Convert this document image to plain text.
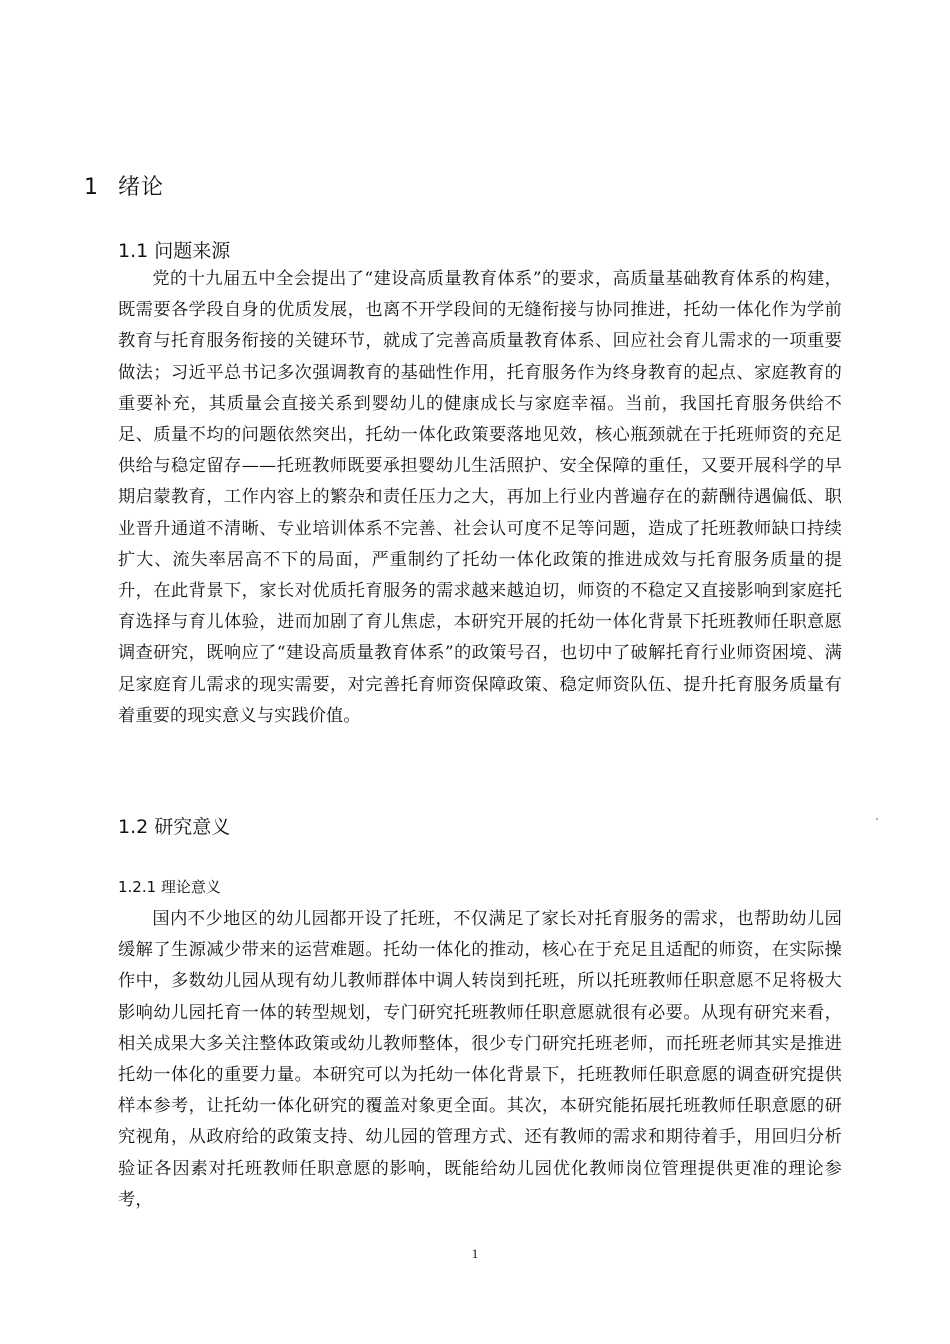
1 绪论
1.1 问题来源

党的十九届五中全会提出了“建设高质量教育体系”的要求，高质量基础教育体系的构建，既需要各学段自身的优质发展，也离不开学段间的无缝衔接与协同推进，托幼一体化作为学前教育与托育服务衔接的关键环节，就成了完善高质量教育体系、回应社会育儿需求的一项重要做法；习近平总书记多次强调教育的基础性作用，托育服务作为终身教育的起点、家庭教育的重要补充，其质量会直接关系到婴幼儿的健康成长与家庭幸福。当前，我国托育服务供给不足、质量不均的问题依然突出，托幼一体化政策要落地见效，核心瓶颈就在于托班师资的充足供给与稳定留存——托班教师既要承担婴幼儿生活照护、安全保障的重任，又要开展科学的早期启蒙教育，工作内容上的繁杂和责任压力之大，再加上行业内普遍存在的薪酬待遇偏低、职业晋升通道不清晰、专业培训体系不完善、社会认可度不足等问题，造成了托班教师缺口持续扩大、流失率居高不下的局面，严重制约了托幼一体化政策的推进成效与托育服务质量的提升，在此背景下，家长对优质托育服务的需求越来越迫切，师资的不稳定又直接影响到家庭托育选择与育儿体验，进而加剧了育儿焦虑，本研究开展的托幼一体化背景下托班教师任职意愿调查研究，既响应了“建设高质量教育体系”的政策号召，也切中了破解托育行业师资困境、满足家庭育儿需求的现实需要，对完善托育师资保障政策、稳定师资队伍、提升托育服务质量有着重要的现实意义与实践价值。

1.2 研究意义
1.2.1 理论意义

国内不少地区的幼儿园都开设了托班，不仅满足了家长对托育服务的需求，也帮助幼儿园缓解了生源减少带来的运营难题。托幼一体化的推动，核心在于充足且适配的师资，在实际操作中，多数幼儿园从现有幼儿教师群体中调人转岗到托班，所以托班教师任职意愿不足将极大影响幼儿园托育一体的转型规划，专门研究托班教师任职意愿就很有必要。从现有研究来看，相关成果大多关注整体政策或幼儿教师整体，很少专门研究托班老师，而托班老师其实是推进托幼一体化的重要力量。本研究可以为托幼一体化背景下，托班教师任职意愿的调查研究提供样本参考，让托幼一体化研究的覆盖对象更全面。其次，本研究能拓展托班教师任职意愿的研究视角，从政府给的政策支持、幼儿园的管理方式、还有教师的需求和期待着手，用回归分析验证各因素对托班教师任职意愿的影响，既能给幼儿园优化教师岗位管理提供更准的理论参考，

1
